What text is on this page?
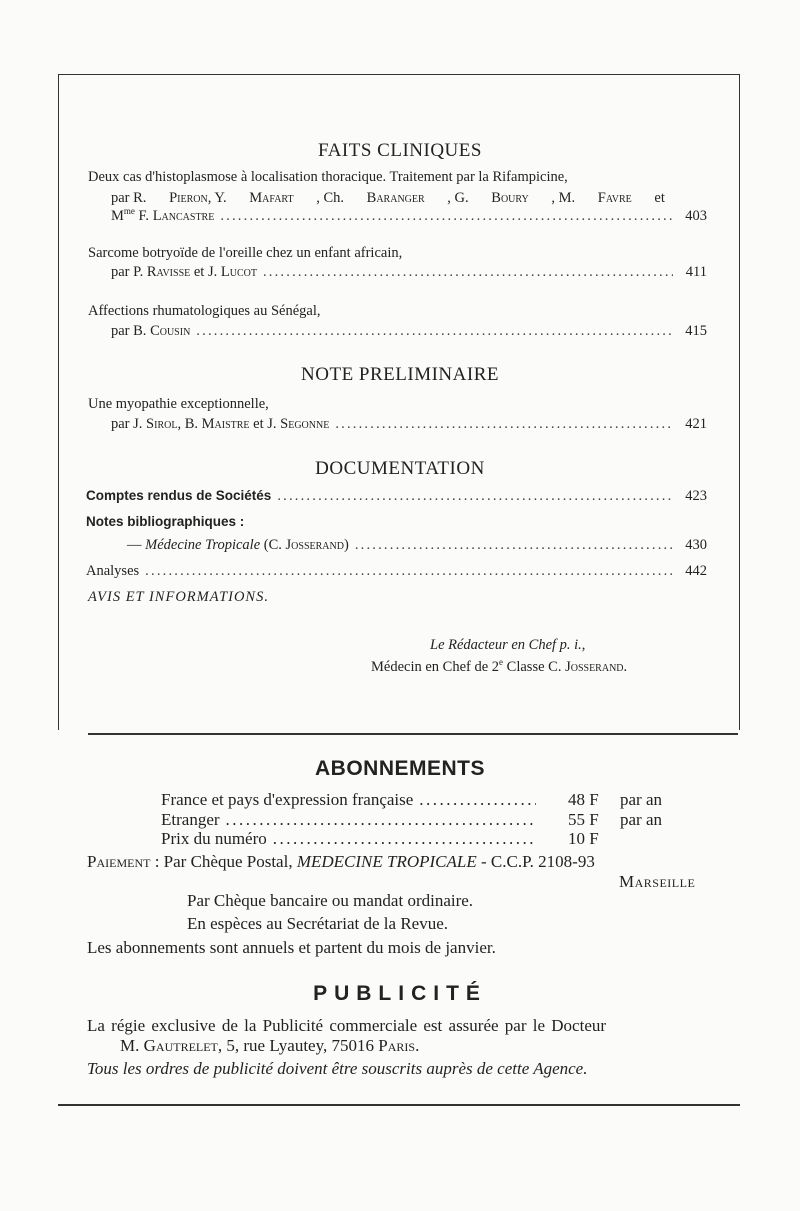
FAITS CLINIQUES
Deux cas d'histoplasmose à localisation thoracique. Traitement par la Rifampicine,
par R. Pieron, Y. Mafart , Ch. Baranger , G. Boury , M. Favre et
$M^{me}$ F. Lancastre .....	403
Sarcome botryoïde de l'oreille chez un enfant africain,
par P. Ravisse et J. Lucot .....	411
Affections rhumatologiques au Sénégal,
par B. Cousin .....	415
NOTE PRELIMINAIRE
Une myopathie exceptionnelle,
par J. Sirol, B. Maistre et J. Segonne .....	421
DOCUMENTATION
Comptes rendus de Sociétés .....	423
Notes bibliographiques :
— Médecine Tropicale (C. Josserand) .....	430
Analyses .....	442
AVIS ET INFORMATIONS.
Le Rédacteur en Chef p. i.,
Médecin en Chef de 2e Classe C. Josserand.
ABONNEMENTS
France et pays d'expression française .....	48 F par an
Etranger .....	55 F par an
Prix du numéro .....	10 F
Paiement : Par Chèque Postal, MEDECINE TROPICALE - C.C.P. 2108-93
Marseille
Par Chèque bancaire ou mandat ordinaire.
En espèces au Secrétariat de la Revue.
Les abonnements sont annuels et partent du mois de janvier.
PUBLICITÉ
La régie exclusive de la Publicité commerciale est assurée par le Docteur
M. Gautrelet, 5, rue Lyautey, 75016 Paris.
Tous les ordres de publicité doivent être souscrits auprès de cette Agence.
